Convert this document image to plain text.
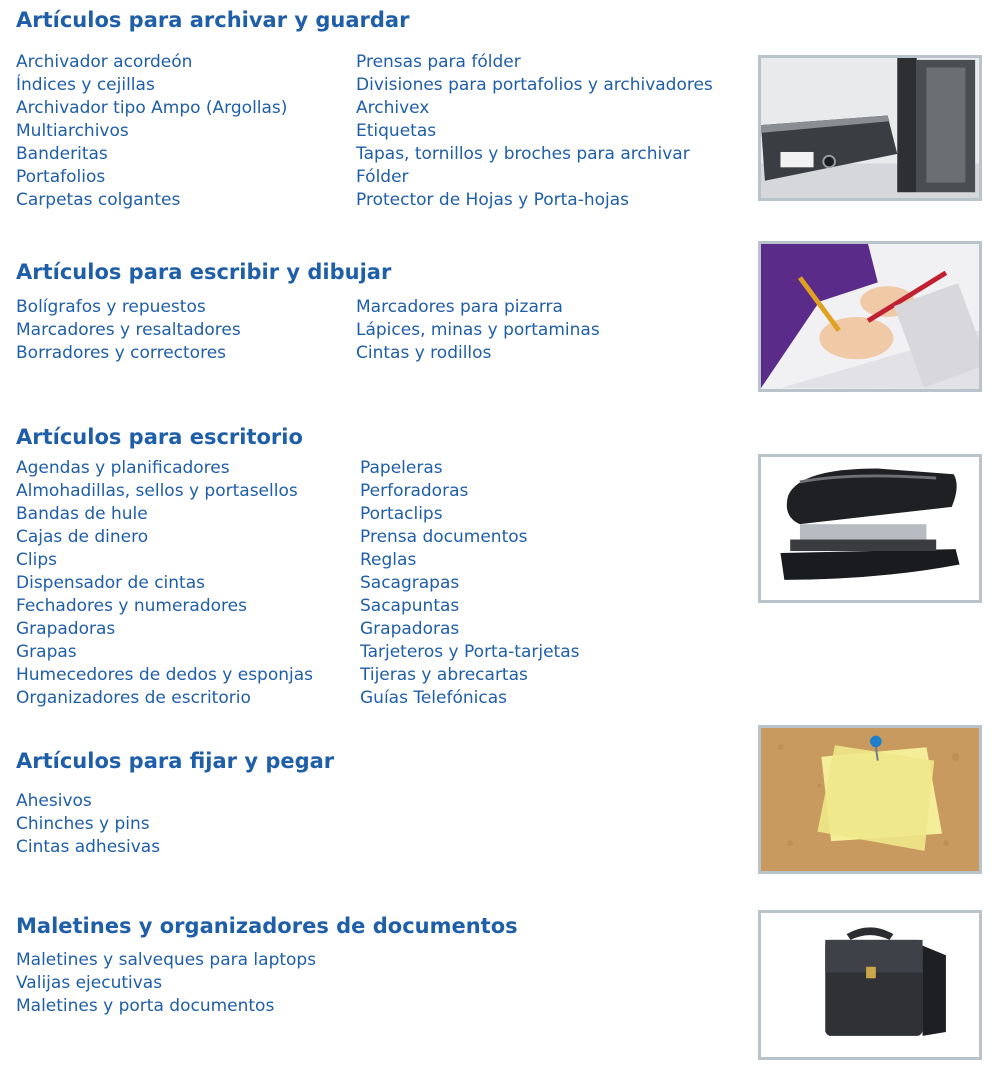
Artículos para archivar y guardar
Archivador acordeón
Índices y cejillas
Archivador tipo Ampo (Argollas)
Multiarchivos
Banderitas
Portafolios
Carpetas colgantes
Prensas para fólder
Divisiones para portafolios y archivadores
Archivex
Etiquetas
Tapas, tornillos y broches para archivar
Fólder
Protector de Hojas y Porta-hojas
Artículos para escribir y dibujar
Bolígrafos y repuestos
Marcadores y resaltadores
Borradores y correctores
Marcadores para pizarra
Lápices, minas y portaminas
Cintas y rodillos
Artículos para escritorio
Agendas y planificadores
Almohadillas, sellos y portasellos
Bandas de hule
Cajas de dinero
Clips
Dispensador de cintas
Fechadores y numeradores
Grapadoras
Grapas
Humecedores de dedos y esponjas
Organizadores de escritorio
Papeleras
Perforadoras
Portaclips
Prensa documentos
Reglas
Sacagrapas
Sacapuntas
Grapadoras
Tarjeteros y Porta-tarjetas
Tijeras y abrecartas
Guías Telefónicas
Artículos para fijar y pegar
Ahesivos
Chinches y pins
Cintas adhesivas
Maletines y organizadores de documentos
Maletines y salveques para laptops
Valijas ejecutivas
Maletines y porta documentos
